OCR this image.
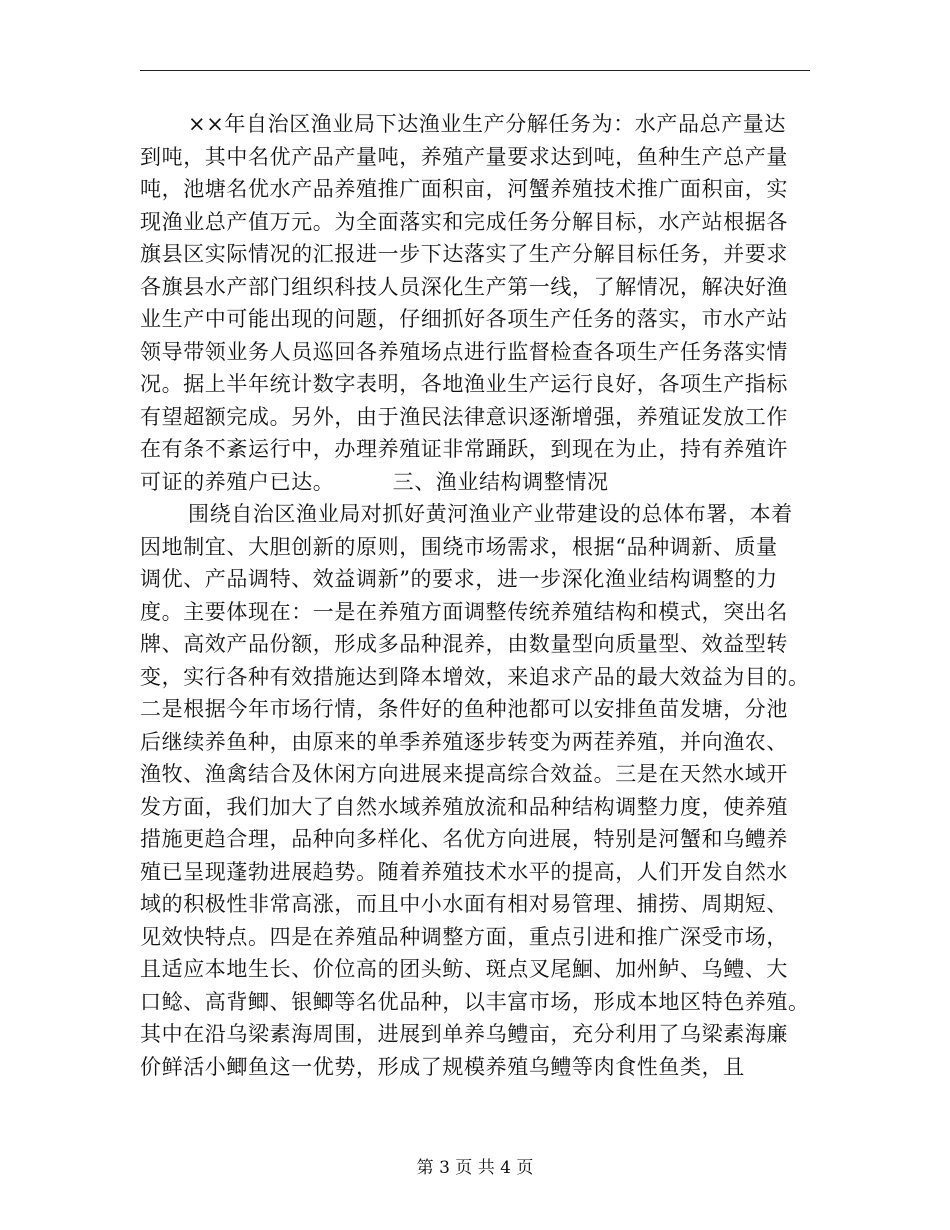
××年自治区渔业局下达渔业生产分解任务为：水产品总产量达
到吨，其中名优产品产量吨，养殖产量要求达到吨，鱼种生产总产量
吨，池塘名优水产品养殖推广面积亩，河蟹养殖技术推广面积亩，实
现渔业总产值万元。为全面落实和完成任务分解目标，水产站根据各
旗县区实际情况的汇报进一步下达落实了生产分解目标任务，并要求
各旗县水产部门组织科技人员深化生产第一线，了解情况，解决好渔
业生产中可能出现的问题，仔细抓好各项生产任务的落实，市水产站
领导带领业务人员巡回各养殖场点进行监督检查各项生产任务落实情
况。据上半年统计数字表明，各地渔业生产运行良好，各项生产指标
有望超额完成。另外，由于渔民法律意识逐渐增强，养殖证发放工作
在有条不紊运行中，办理养殖证非常踊跃，到现在为止，持有养殖许
可证的养殖户已达。        三、渔业结构调整情况
围绕自治区渔业局对抓好黄河渔业产业带建设的总体布署，本着
因地制宜、大胆创新的原则，围绕市场需求，根据“品种调新、质量
调优、产品调特、效益调新”的要求，进一步深化渔业结构调整的力
度。主要体现在：一是在养殖方面调整传统养殖结构和模式，突出名
牌、高效产品份额，形成多品种混养，由数量型向质量型、效益型转
变，实行各种有效措施达到降本增效，来追求产品的最大效益为目的。
二是根据今年市场行情，条件好的鱼种池都可以安排鱼苗发塘，分池
后继续养鱼种，由原来的单季养殖逐步转变为两茬养殖，并向渔农、
渔牧、渔禽结合及休闲方向进展来提高综合效益。三是在天然水域开
发方面，我们加大了自然水域养殖放流和品种结构调整力度，使养殖
措施更趋合理，品种向多样化、名优方向进展，特别是河蟹和乌鳢养
殖已呈现蓬勃进展趋势。随着养殖技术水平的提高，人们开发自然水
域的积极性非常高涨，而且中小水面有相对易管理、捕捞、周期短、
见效快特点。四是在养殖品种调整方面，重点引进和推广深受市场，
且适应本地生长、价位高的团头鲂、斑点叉尾鮰、加州鲈、乌鳢、大
口鲶、高背鲫、银鲫等名优品种，以丰富市场，形成本地区特色养殖。
其中在沿乌梁素海周围，进展到单养乌鳢亩，充分利用了乌梁素海廉
价鲜活小鲫鱼这一优势，形成了规模养殖乌鳢等肉食性鱼类，且
第 3 页 共 4 页
